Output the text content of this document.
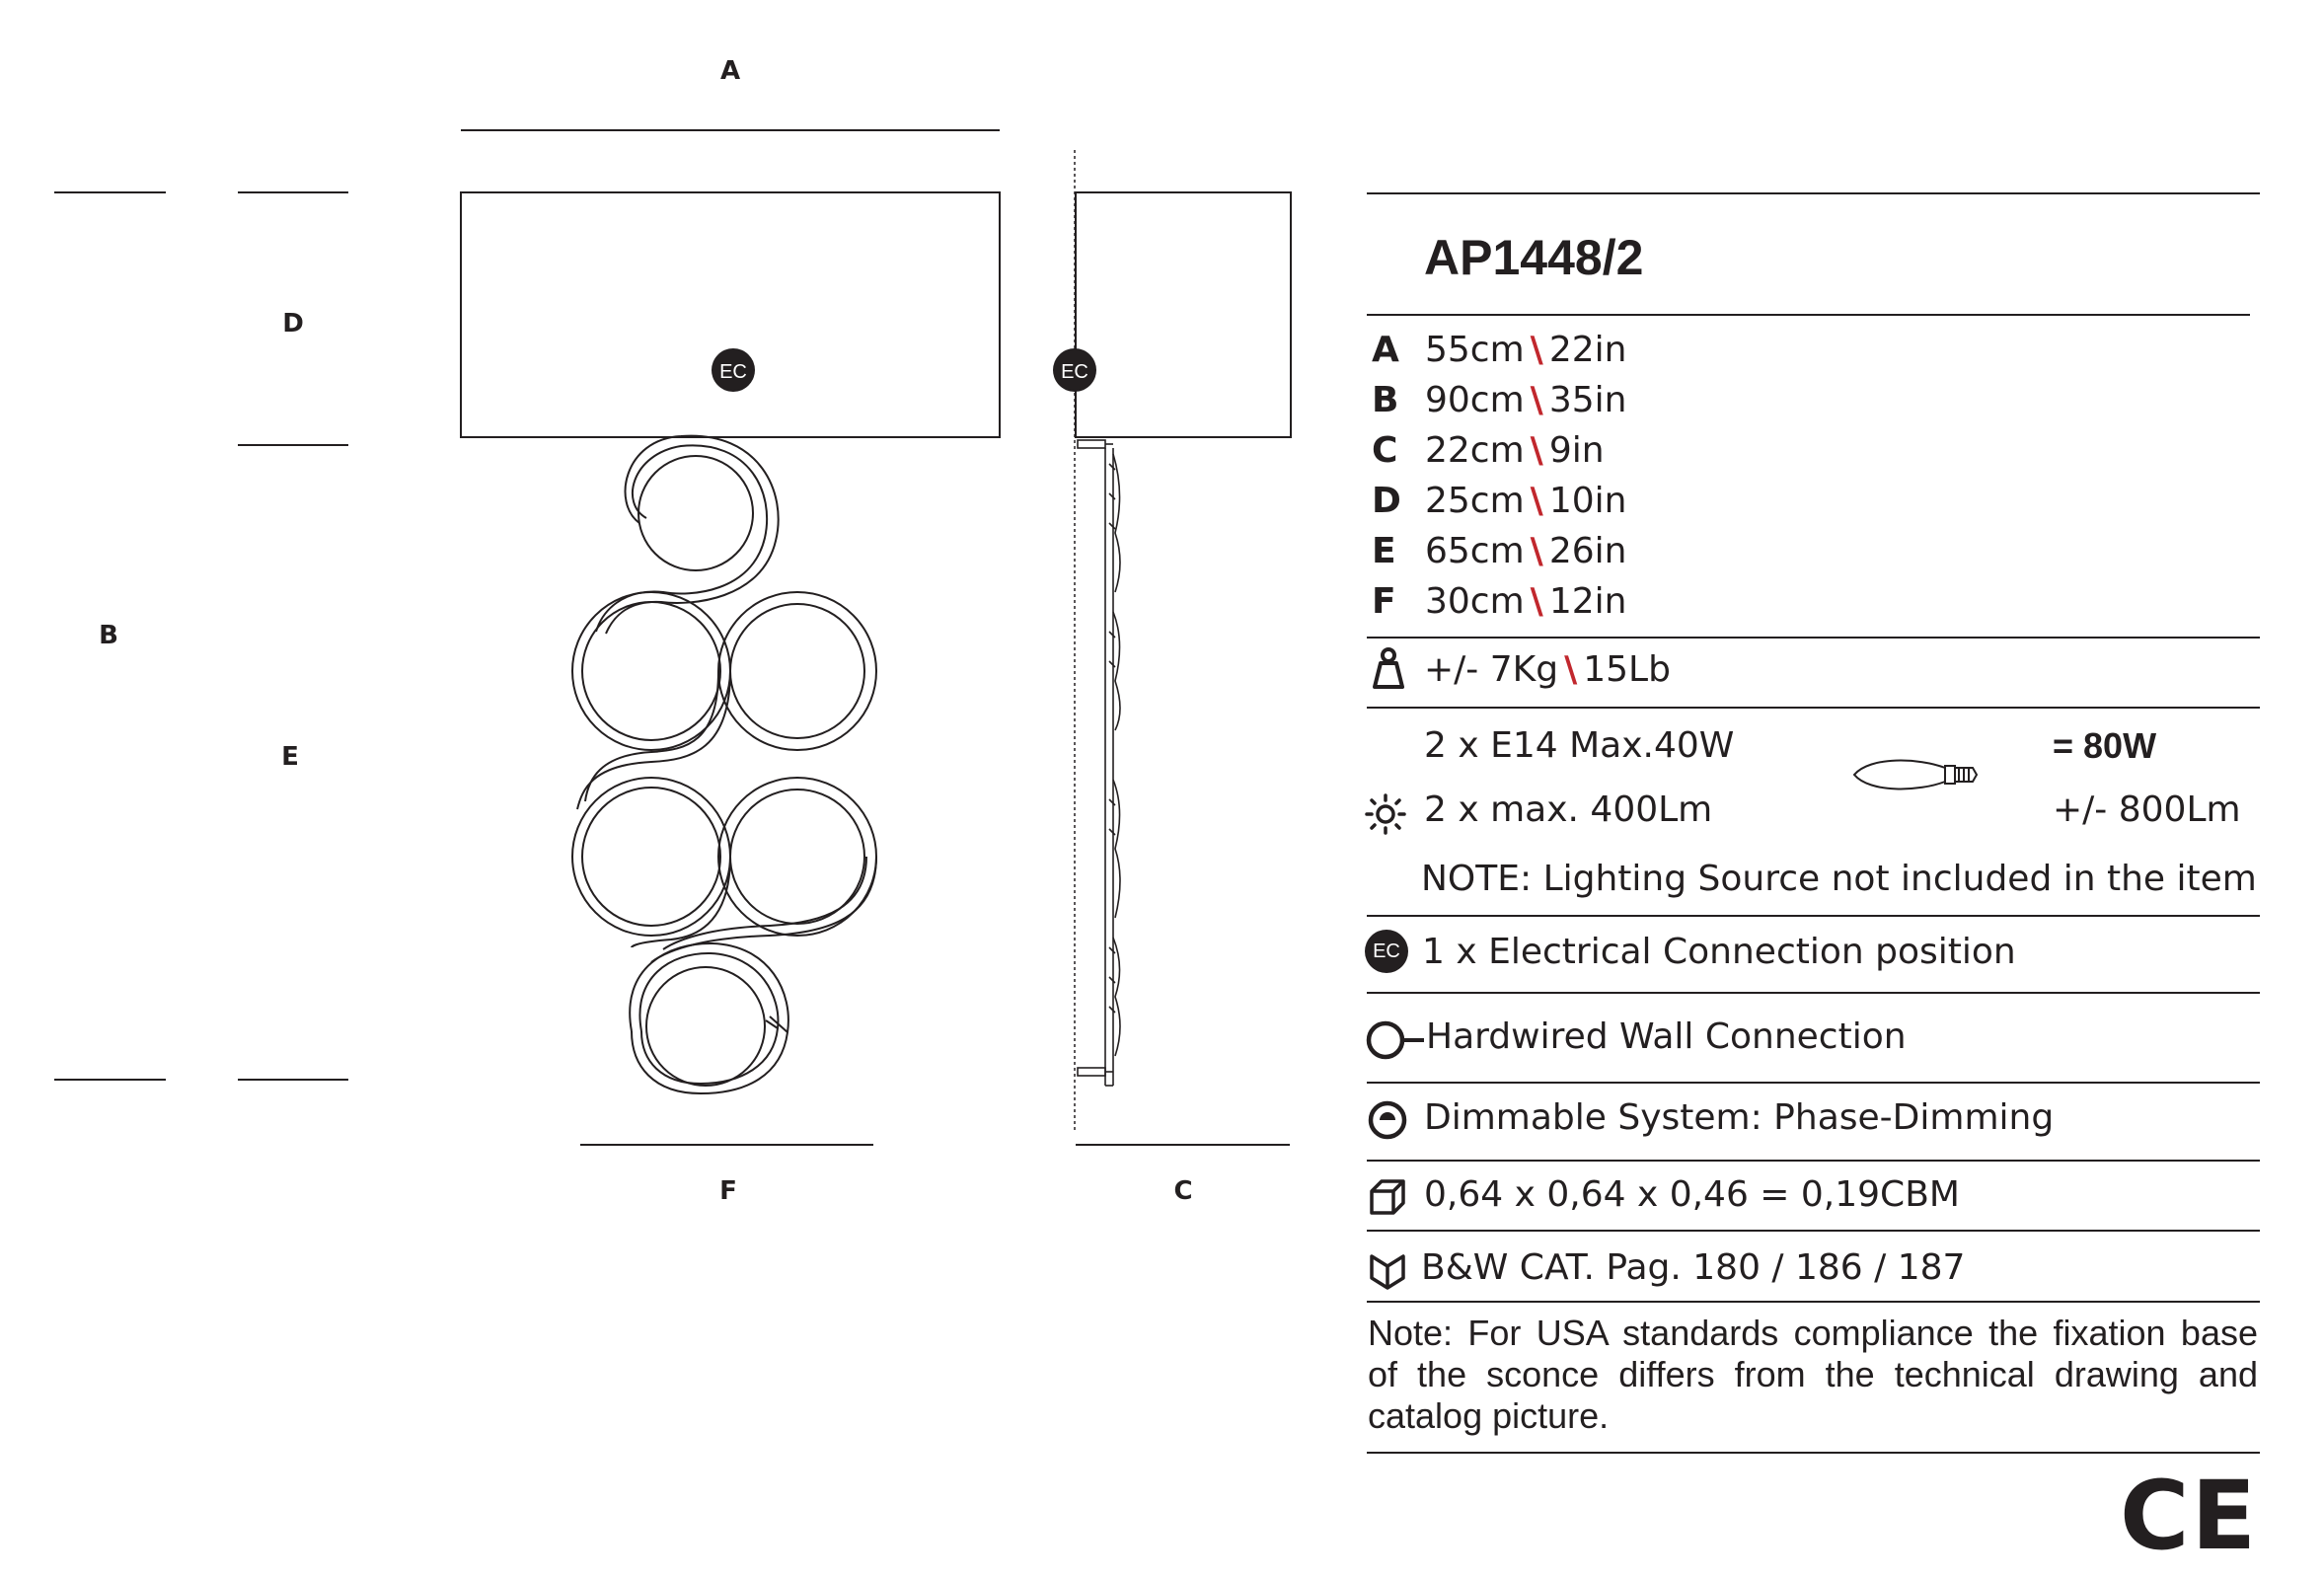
EC	EC
A
B
D
E
F	C
AP1448/2
A 55cm \ 22in
B 90cm \ 35in
C 22cm \ 9in
D 25cm \ 10in
E 65cm \ 26in
F 30cm \ 12in
+/- 7Kg \ 15Lb
2 x E14 Max.40W	= 80W
2 x max. 400Lm	+/- 800Lm
NOTE: Lighting Source not included in the item
EC 1 x Electrical Connection position
Hardwired Wall Connection
Dimmable System: Phase-Dimming
0,64 x 0,64 x 0,46 = 0,19CBM
B&W CAT. Pag. 180 / 186 / 187
Note: For USA standards compliance the fixation base of the sconce differs from the technical drawing and catalog picture.
CE
